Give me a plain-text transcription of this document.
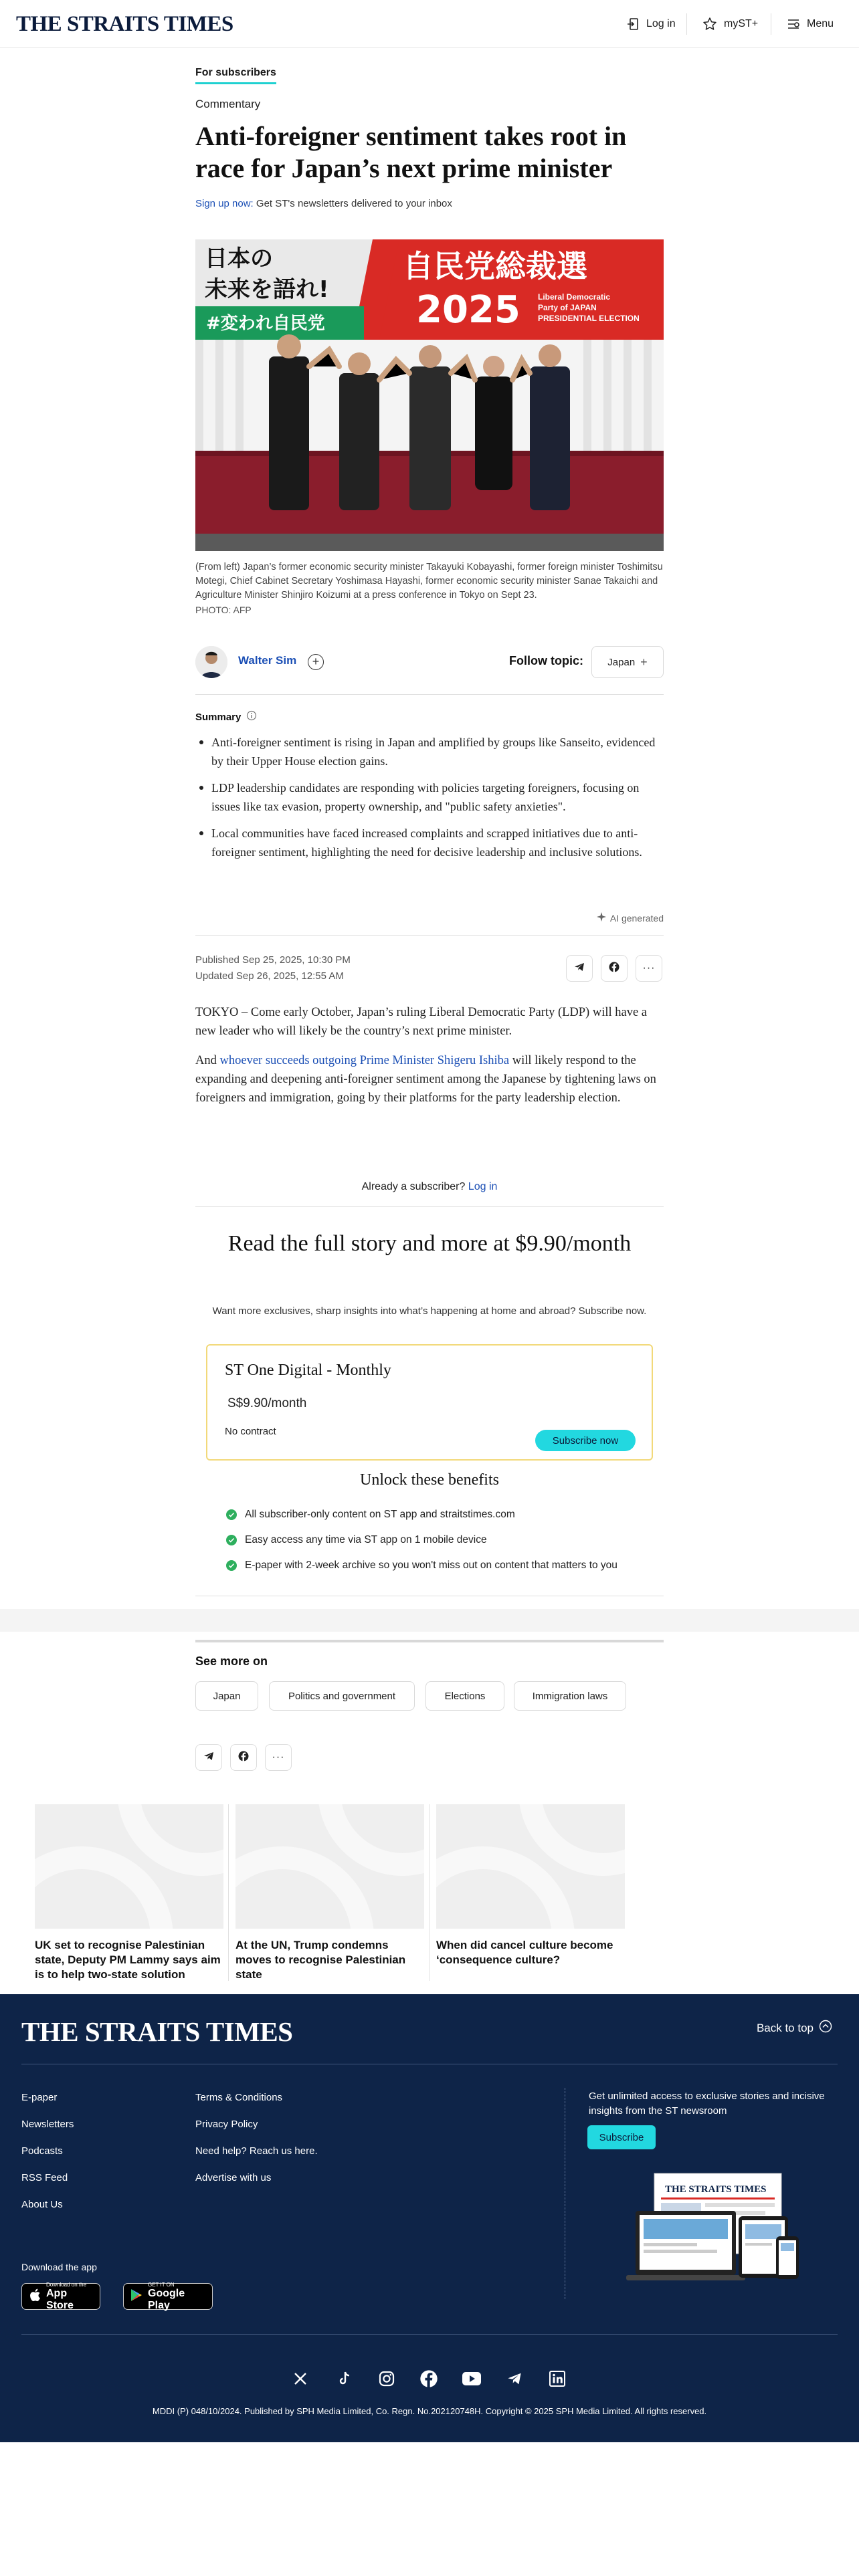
THE STRAITS TIMES	Log in	myST+	Menu
For subscribers
Commentary
Anti-foreigner sentiment takes root in race for Japan’s next prime minister
Sign up now: Get ST's newsletters delivered to your inbox
日本の
未来を語れ!
#変われ自民党
自民党総裁選
2025 Liberal Democratic
Party of JAPAN
PRESIDENTIAL ELECTION
(From left) Japan’s former economic security minister Takayuki Kobayashi, former foreign minister Toshimitsu Motegi, Chief Cabinet Secretary Yoshimasa Hayashi, former economic security minister Sanae Takaichi and Agriculture Minister Shinjiro Koizumi at a press conference in Tokyo on Sept 23.
PHOTO: AFP
Walter Sim	+	Follow topic: Japan +
Summary
Anti-foreigner sentiment is rising in Japan and amplified by groups like Sanseito, evidenced by their Upper House election gains.
LDP leadership candidates are responding with policies targeting foreigners, focusing on issues like tax evasion, property ownership, and "public safety anxieties".
Local communities have faced increased complaints and scrapped initiatives due to anti-foreigner sentiment, highlighting the need for decisive leadership and inclusive solutions.
AI generated
Published Sep 25, 2025, 10:30 PM
Updated Sep 26, 2025, 12:55 AM
···

TOKYO – Come early October, Japan’s ruling Liberal Democratic Party (LDP) will have a new leader who will likely be the country’s next prime minister.

And whoever succeeds outgoing Prime Minister Shigeru Ishiba will likely respond to the expanding and deepening anti-foreigner sentiment among the Japanese by tightening laws on foreigners and immigration, going by their platforms for the party leadership election.

Already a subscriber? Log in
Read the full story and more at $9.90/month
Want more exclusives, sharp insights into what’s happening at home and abroad? Subscribe now.
ST One Digital - Monthly
S$9.90/month
No contract
Subscribe now
Unlock these benefits
All subscriber-only content on ST app and straitstimes.com
Easy access any time via ST app on 1 mobile device
E-paper with 2-week archive so you won't miss out on content that matters to you
See more on
Japan	Politics and government	Elections	Immigration laws
···
UK set to recognise Palestinian state, Deputy PM Lammy says aim is to help two-state solution
At the UN, Trump condemns moves to recognise Palestinian state
When did cancel culture become ‘consequence culture?
THE STRAITS TIMES	Back to top
E-paper
Newsletters
Podcasts
RSS Feed
About Us
Terms & Conditions
Privacy Policy
Need help? Reach us here.
Advertise with us
Get unlimited access to exclusive stories and incisive insights from the ST newsroom
Subscribe
THE STRAITS TIMES
Download the app
Download on the
App Store
GET IT ON
Google Play
MDDI (P) 048/10/2024. Published by SPH Media Limited, Co. Regn. No.202120748H. Copyright © 2025 SPH Media Limited. All rights reserved.
